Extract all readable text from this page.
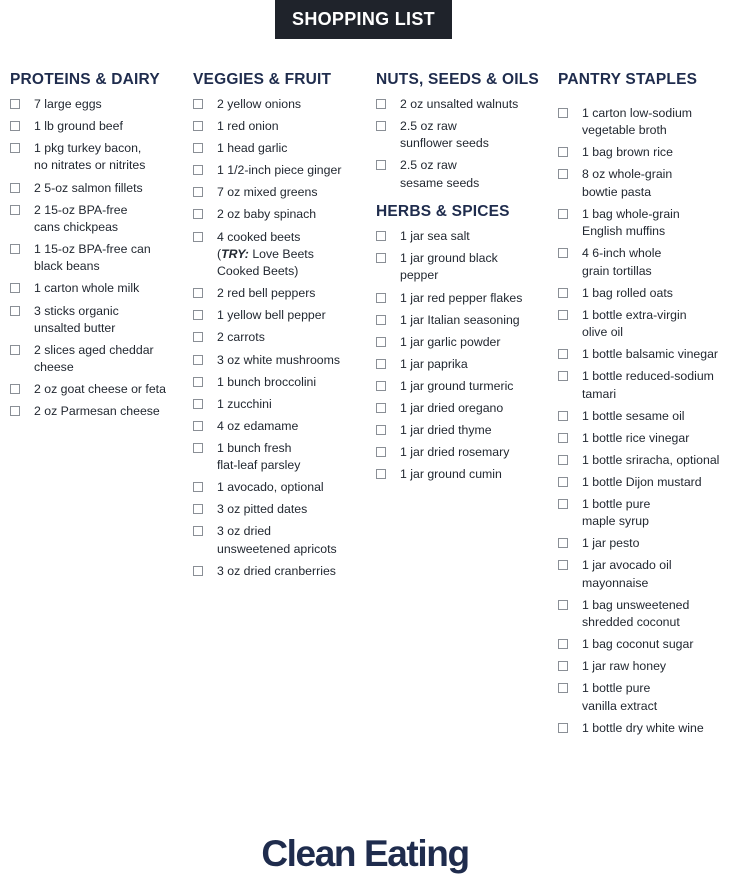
SHOPPING LIST
PROTEINS & DAIRY
7 large eggs
1 lb ground beef
1 pkg turkey bacon,
no nitrates or nitrites
2 5-oz salmon fillets
2 15-oz BPA-free
cans chickpeas
1 15-oz BPA-free can
black beans
1 carton whole milk
3 sticks organic
unsalted butter
2 slices aged cheddar
cheese
2 oz goat cheese or feta
2 oz Parmesan cheese
VEGGIES & FRUIT
2 yellow onions
1 red onion
1 head garlic
1 1/2-inch piece ginger
7 oz mixed greens
2 oz baby spinach
4 cooked beets
(TRY: Love Beets
Cooked Beets)
2 red bell peppers
1 yellow bell pepper
2 carrots
3 oz white mushrooms
1 bunch broccolini
1 zucchini
4 oz edamame
1 bunch fresh
flat-leaf parsley
1 avocado, optional
3 oz pitted dates
3 oz dried
unsweetened apricots
3 oz dried cranberries
NUTS, SEEDS & OILS
2 oz unsalted walnuts
2.5 oz raw
sunflower seeds
2.5 oz raw
sesame seeds
HERBS & SPICES
1 jar sea salt
1 jar ground black
pepper
1 jar red pepper flakes
1 jar Italian seasoning
1 jar garlic powder
1 jar paprika
1 jar ground turmeric
1 jar dried oregano
1 jar dried thyme
1 jar dried rosemary
1 jar ground cumin
PANTRY STAPLES
1 carton low-sodium
vegetable broth
1 bag brown rice
8 oz whole-grain
bowtie pasta
1 bag whole-grain
English muffins
4 6-inch whole
grain tortillas
1 bag rolled oats
1 bottle extra-virgin
olive oil
1 bottle balsamic vinegar
1 bottle reduced-sodium
tamari
1 bottle sesame oil
1 bottle rice vinegar
1 bottle sriracha, optional
1 bottle Dijon mustard
1 bottle pure
maple syrup
1 jar pesto
1 jar avocado oil
mayonnaise
1 bag unsweetened
shredded coconut
1 bag coconut sugar
1 jar raw honey
1 bottle pure
vanilla extract
1 bottle dry white wine
Clean Eating
